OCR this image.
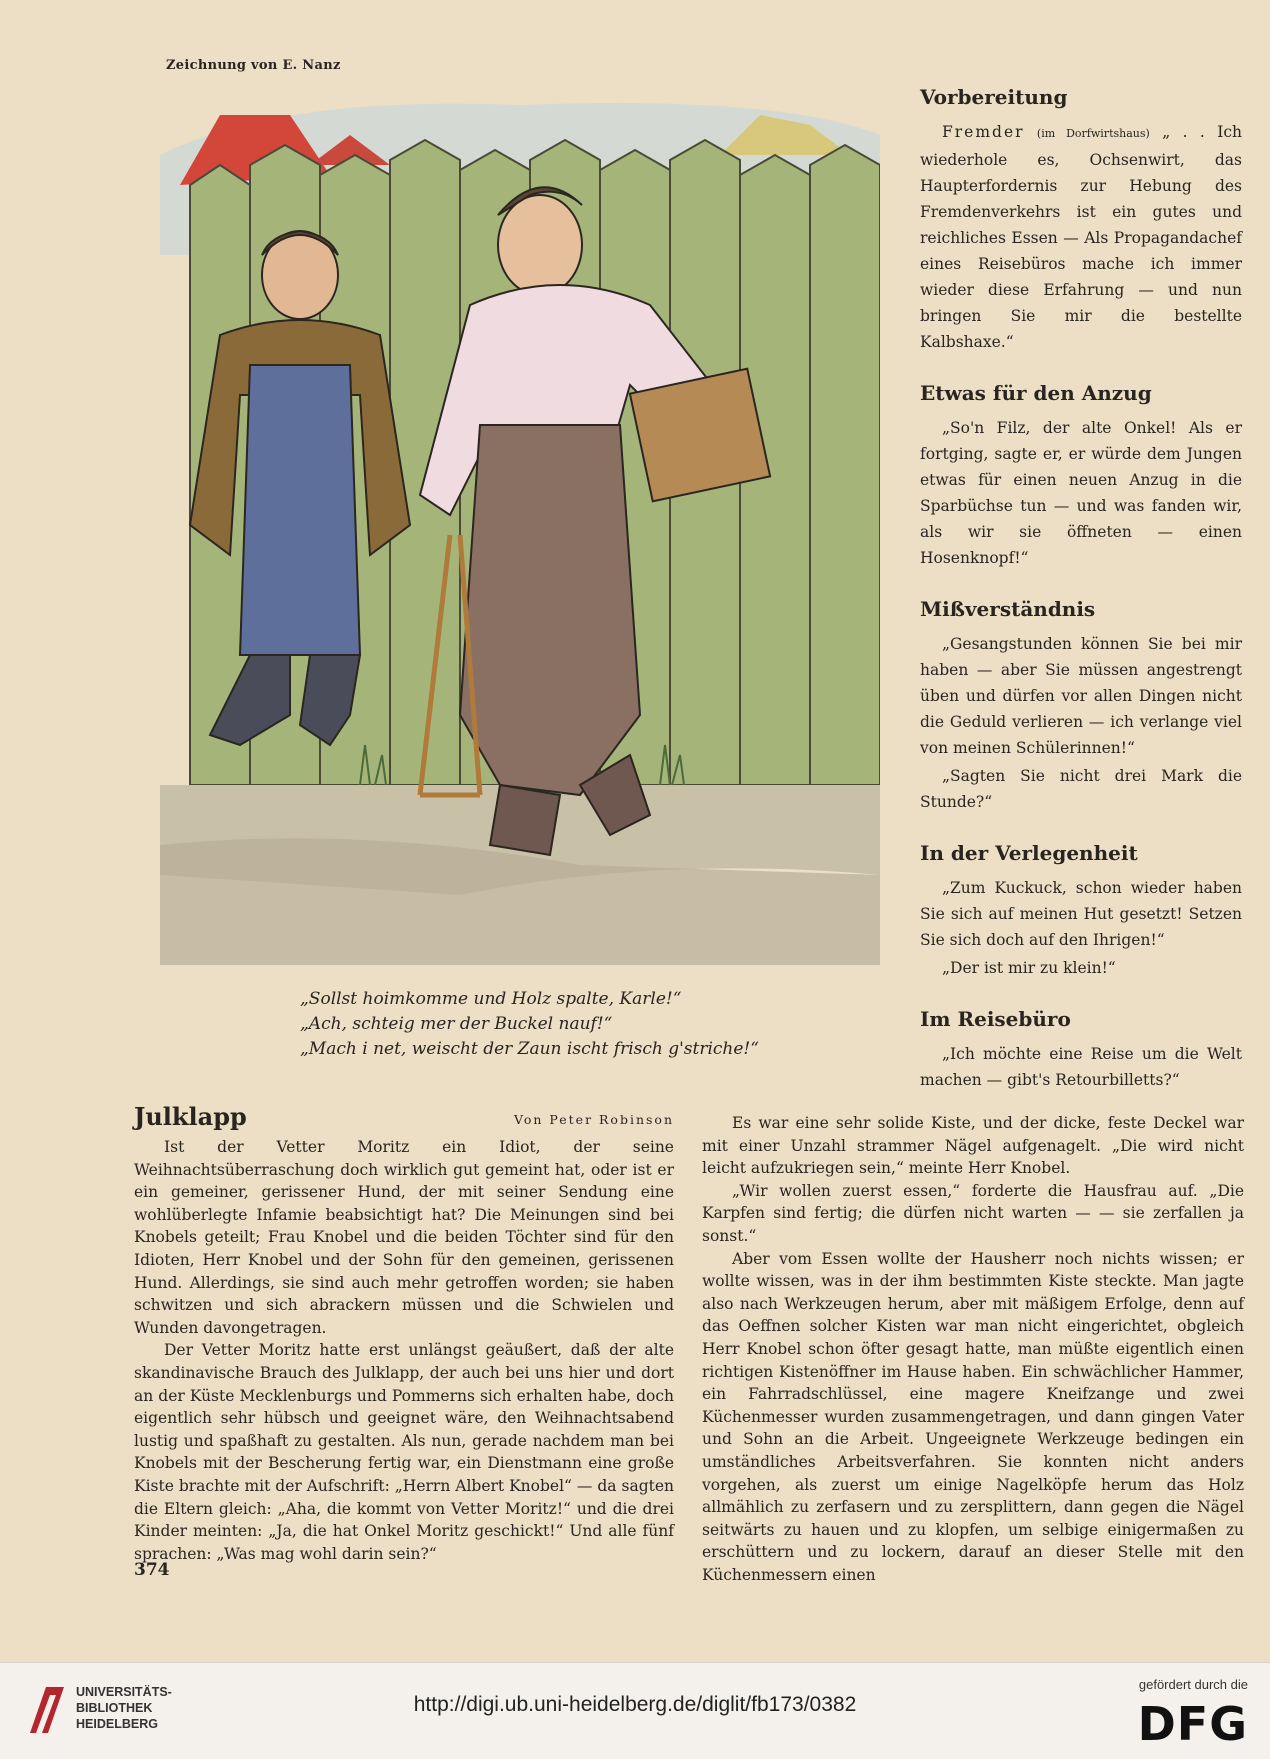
Zeichnung von E. Nanz
„Sollst hoimkomme und Holz spalte, Karle!“
„Ach, schteig mer der Buckel nauf!“
„Mach i net, weischt der Zaun ischt frisch g'striche!“
Vorbereitung

Fremder (im Dorfwirtshaus) „ . . Ich wiederhole es, Ochsenwirt, das Haupterfordernis zur Hebung des Fremdenverkehrs ist ein gutes und reichliches Essen — Als Propagandachef eines Reisebüros mache ich immer wieder diese Erfahrung — und nun bringen Sie mir die bestellte Kalbshaxe.“

Etwas für den Anzug

„So'n Filz, der alte Onkel! Als er fortging, sagte er, er würde dem Jungen etwas für einen neuen Anzug in die Sparbüchse tun — und was fanden wir, als wir sie öffneten — einen Hosenknopf!“

Mißverständnis

„Gesangstunden können Sie bei mir haben — aber Sie müssen angestrengt üben und dürfen vor allen Dingen nicht die Geduld verlieren — ich verlange viel von meinen Schülerinnen!“

„Sagten Sie nicht drei Mark die Stunde?“

In der Verlegenheit

„Zum Kuckuck, schon wieder haben Sie sich auf meinen Hut gesetzt! Setzen Sie sich doch auf den Ihrigen!“

„Der ist mir zu klein!“

Im Reisebüro

„Ich möchte eine Reise um die Welt machen — gibt's Retourbilletts?“

Julklapp	Von Peter Robinson

Ist der Vetter Moritz ein Idiot, der seine Weihnachtsüberraschung doch wirklich gut gemeint hat, oder ist er ein gemeiner, gerissener Hund, der mit seiner Sendung eine wohlüberlegte Infamie beabsichtigt hat? Die Meinungen sind bei Knobels geteilt; Frau Knobel und die beiden Töchter sind für den Idioten, Herr Knobel und der Sohn für den gemeinen, gerissenen Hund. Allerdings, sie sind auch mehr getroffen worden; sie haben schwitzen und sich abrackern müssen und die Schwielen und Wunden davongetragen.

Der Vetter Moritz hatte erst unlängst geäußert, daß der alte skandinavische Brauch des Julklapp, der auch bei uns hier und dort an der Küste Mecklenburgs und Pommerns sich erhalten habe, doch eigentlich sehr hübsch und geeignet wäre, den Weihnachtsabend lustig und spaßhaft zu gestalten. Als nun, gerade nachdem man bei Knobels mit der Bescherung fertig war, ein Dienstmann eine große Kiste brachte mit der Aufschrift: „Herrn Albert Knobel“ — da sagten die Eltern gleich: „Aha, die kommt von Vetter Moritz!“ und die drei Kinder meinten: „Ja, die hat Onkel Moritz geschickt!“ Und alle fünf sprachen: „Was mag wohl darin sein?“

Es war eine sehr solide Kiste, und der dicke, feste Deckel war mit einer Unzahl strammer Nägel aufgenagelt. „Die wird nicht leicht aufzukriegen sein,“ meinte Herr Knobel.

„Wir wollen zuerst essen,“ forderte die Hausfrau auf. „Die Karpfen sind fertig; die dürfen nicht warten — — sie zerfallen ja sonst.“

Aber vom Essen wollte der Hausherr noch nichts wissen; er wollte wissen, was in der ihm bestimmten Kiste steckte. Man jagte also nach Werkzeugen herum, aber mit mäßigem Erfolge, denn auf das Oeffnen solcher Kisten war man nicht eingerichtet, obgleich Herr Knobel schon öfter gesagt hatte, man müßte eigentlich einen richtigen Kistenöffner im Hause haben. Ein schwächlicher Hammer, ein Fahrradschlüssel, eine magere Kneifzange und zwei Küchenmesser wurden zusammengetragen, und dann gingen Vater und Sohn an die Arbeit. Ungeeignete Werkzeuge bedingen ein umständliches Arbeitsverfahren. Sie konnten nicht anders vorgehen, als zuerst um einige Nagelköpfe herum das Holz allmählich zu zerfasern und zu zersplittern, dann gegen die Nägel seitwärts zu hauen und zu klopfen, um selbige einigermaßen zu erschüttern und zu lockern, darauf an dieser Stelle mit den Küchenmessern einen

374
UNIVERSITÄTS-
BIBLIOTHEK
HEIDELBERG
http://digi.ub.uni-heidelberg.de/diglit/fb173/0382
gefördert durch die
DFG
